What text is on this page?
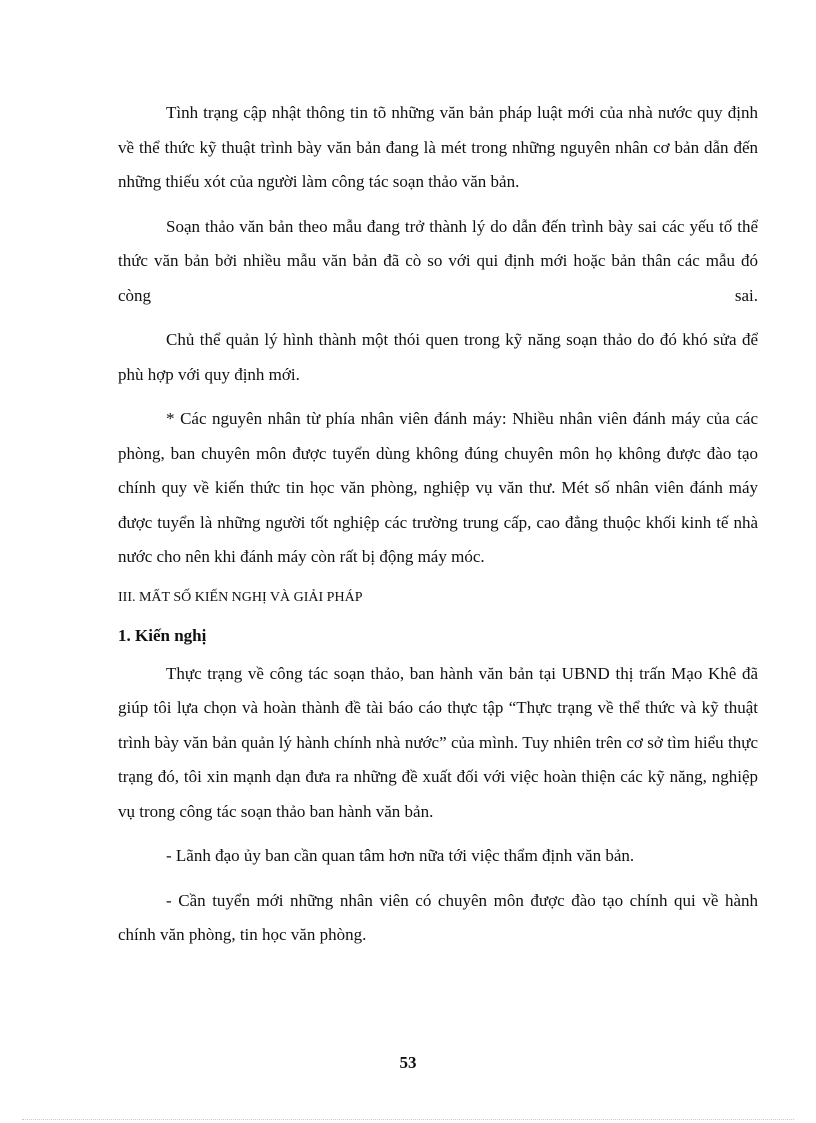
Tình trạng cập nhật thông tin tõ những văn bản pháp luật mới của nhà nước quy định về thể thức kỹ thuật trình bày văn bản đang là mét trong những nguyên nhân cơ bản dẫn đến những thiếu xót của người làm công tác soạn thảo văn bản.

Soạn thảo văn bản theo mẫu đang trở thành lý do dẫn đến trình bày sai các yếu tố thể thức văn bản bởi nhiều mẫu văn bản đã cò so với qui định mới hoặc bản thân các mẫu đó còng sai.

Chủ thể quản lý hình thành một thói quen trong kỹ năng soạn thảo do đó khó sửa để phù hợp với quy định mới.

* Các nguyên nhân từ phía nhân viên đánh máy: Nhiều nhân viên đánh máy của các phòng, ban chuyên môn được tuyển dùng không đúng chuyên môn họ không được đào tạo chính quy về kiến thức tin học văn phòng, nghiệp vụ văn thư. Mét số nhân viên đánh máy được tuyển là những người tốt nghiệp các trường trung cấp, cao đẳng thuộc khối kinh tế nhà nước cho nên khi đánh máy còn rất bị động máy móc.

III. MẤT SỐ KIẾN NGHỊ VÀ GIẢI PHÁP
1. Kiến nghị

Thực trạng về công tác soạn thảo, ban hành văn bản tại UBND thị trấn Mạo Khê đã giúp tôi lựa chọn và hoàn thành đề tài báo cáo thực tập “Thực trạng về thể thức và kỹ thuật trình bày văn bản quản lý hành chính nhà nước” của mình. Tuy nhiên trên cơ sở tìm hiểu thực trạng đó, tôi xin mạnh dạn đưa ra những đề xuất đối với việc hoàn thiện các kỹ năng, nghiệp vụ trong công tác soạn thảo ban hành văn bản.

- Lãnh đạo ủy ban cần quan tâm hơn nữa tới việc thẩm định văn bản.

- Cần tuyển mới những nhân viên có chuyên môn được đào tạo chính qui về hành chính văn phòng, tin học văn phòng.

53
